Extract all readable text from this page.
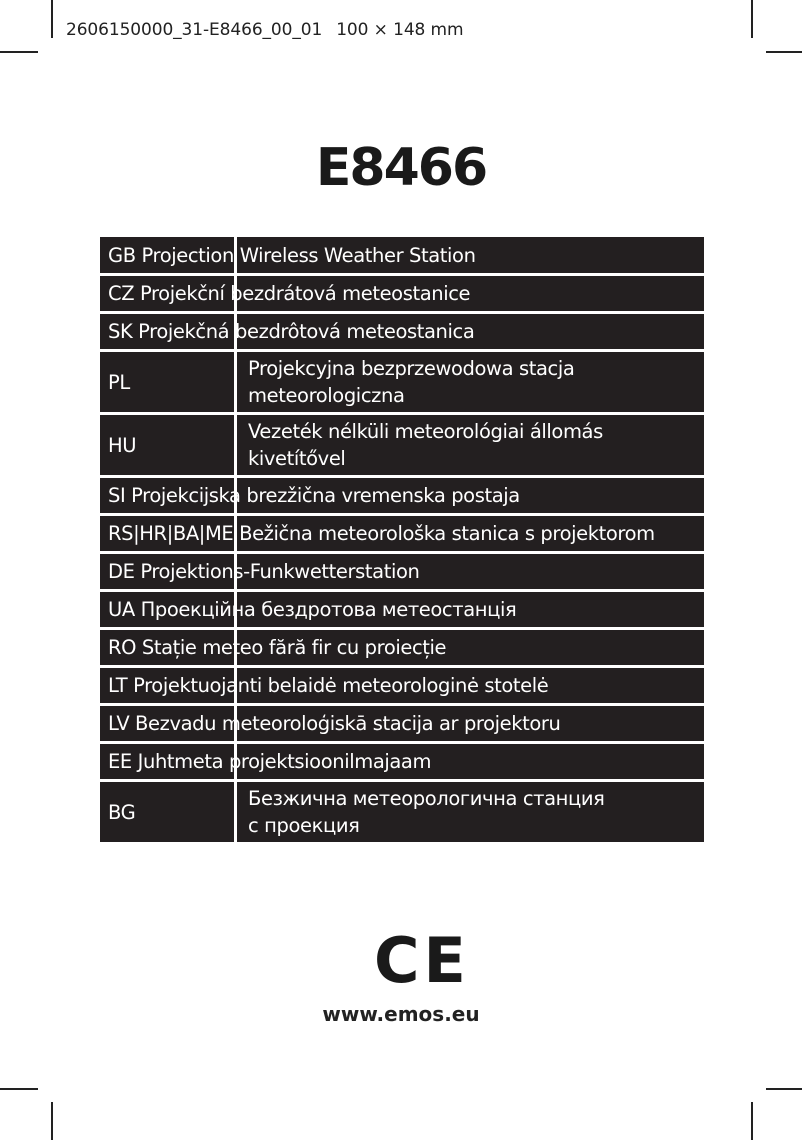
2606150000_31-E8466_00_01 100 × 148 mm
E8466
GB Projection Wireless Weather Station
CZ Projekční bezdrátová meteostanice
SK Projekčná bezdrôtová meteostanica
PL
Projekcyjna bezprzewodowa stacja
meteorologiczna
HU
Vezeték nélküli meteorológiai állomás
kivetítővel
SI Projekcijska brezžična vremenska postaja
RS|HR|BA|ME Bežična meteorološka stanica s projektorom
DE Projektions-Funkwetterstation
UA Проекційна бездротова метеостанція
RO Stație meteo fără fir cu proiecție
LT Projektuojanti belaidė meteorologinė stotelė
LV Bezvadu meteoroloģiskā stacija ar projektoru
EE Juhtmeta projektsioonilmajaam
BG
Безжична метеорологична станция
с проекция
CE
www.emos.eu
